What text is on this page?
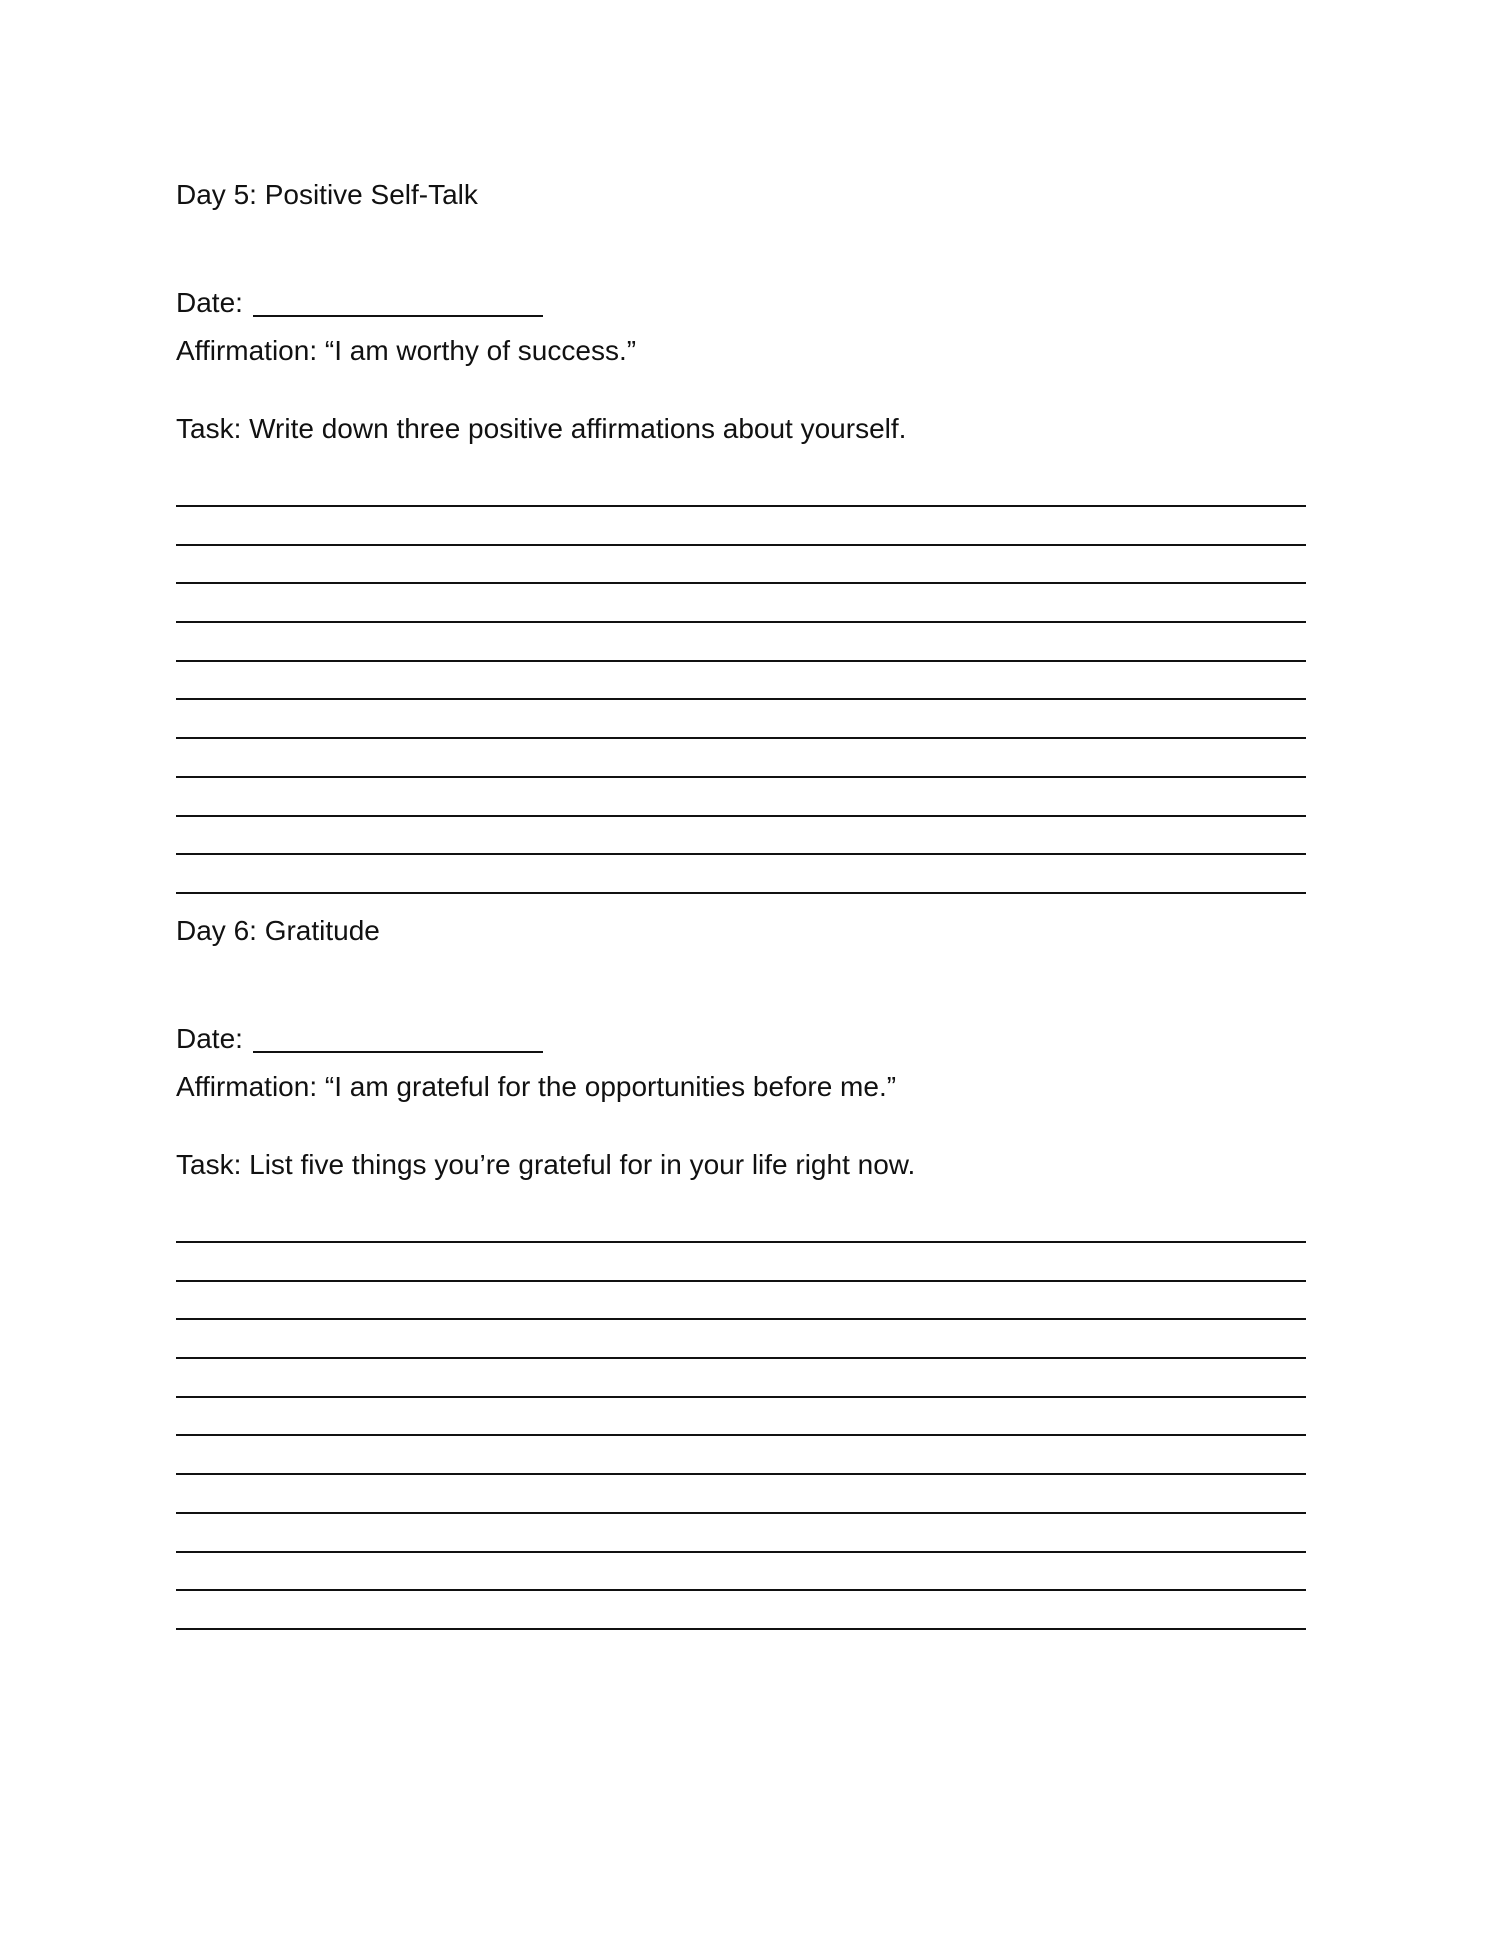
Day 5: Positive Self-Talk
Date:
Affirmation: “I am worthy of success.”
Task: Write down three positive affirmations about yourself.
Day 6: Gratitude
Date:
Affirmation: “I am grateful for the opportunities before me.”
Task: List five things you’re grateful for in your life right now.
